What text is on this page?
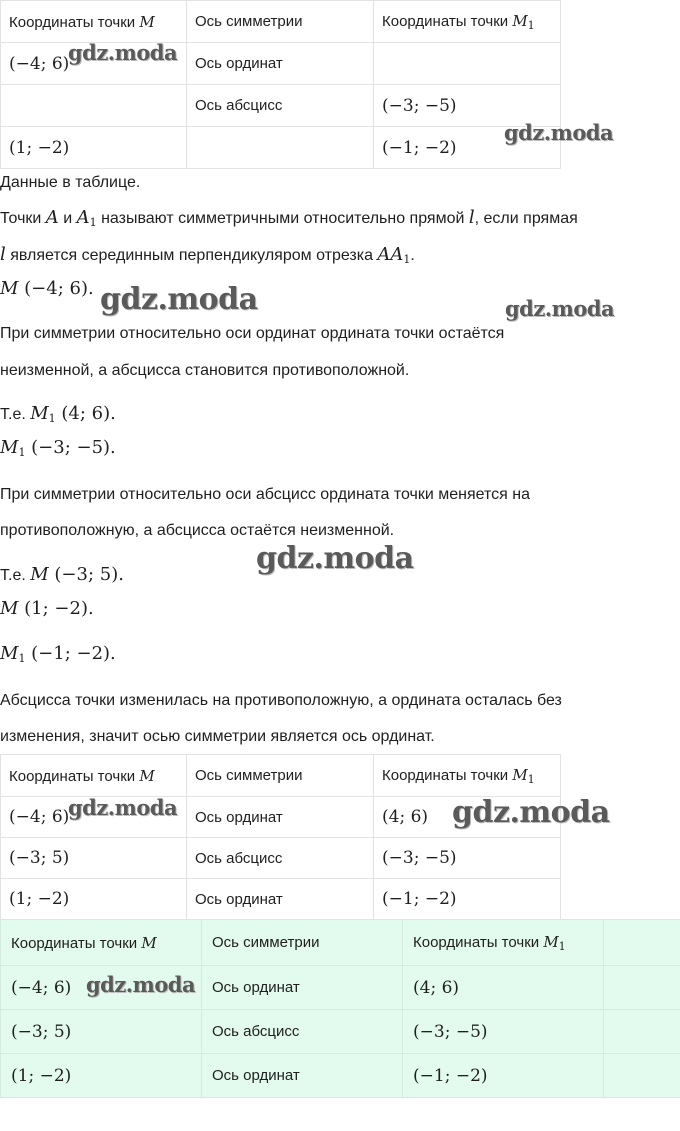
Координаты точки M	Ось симметрии	Координаты точки $M_1$
(−4; 6)	Ось ординат	
	Ось абсцисс	(−3; −5)
(1; −2)		(−1; −2)

Данные в таблице.

Точки A и $A_1$ называют симметричными относительно прямой l, если прямая

l является серединным перпендикуляром отрезка $AA_1$.

M (−4; 6).

При симметрии относительно оси ординат ордината точки остаётся

неизменной, а абсцисса становится противоположной.

Т.е. $M_1$ (4; 6).

$M_1$ (−3; −5).

При симметрии относительно оси абсцисс ордината точки меняется на

противоположную, а абсцисса остаётся неизменной.

Т.е. M (−3; 5).

M (1; −2).

$M_1$ (−1; −2).

Абсцисса точки изменилась на противоположную, а ордината осталась без

изменения, значит осью симметрии является ось ординат.

Координаты точки M	Ось симметрии	Координаты точки $M_1$
(−4; 6)	Ось ординат	(4; 6)
(−3; 5)	Ось абсцисс	(−3; −5)
(1; −2)	Ось ординат	(−1; −2)
Координаты точки M	Ось симметрии	Координаты точки $M_1$	
(−4; 6)	Ось ординат	(4; 6)	
(−3; 5)	Ось абсцисс	(−3; −5)	
(1; −2)	Ось ординат	(−1; −2)	
gdz.moda
gdz.moda
gdz.moda	gdz.moda
gdz.moda
gdz.moda	gdz.moda
gdz.moda
